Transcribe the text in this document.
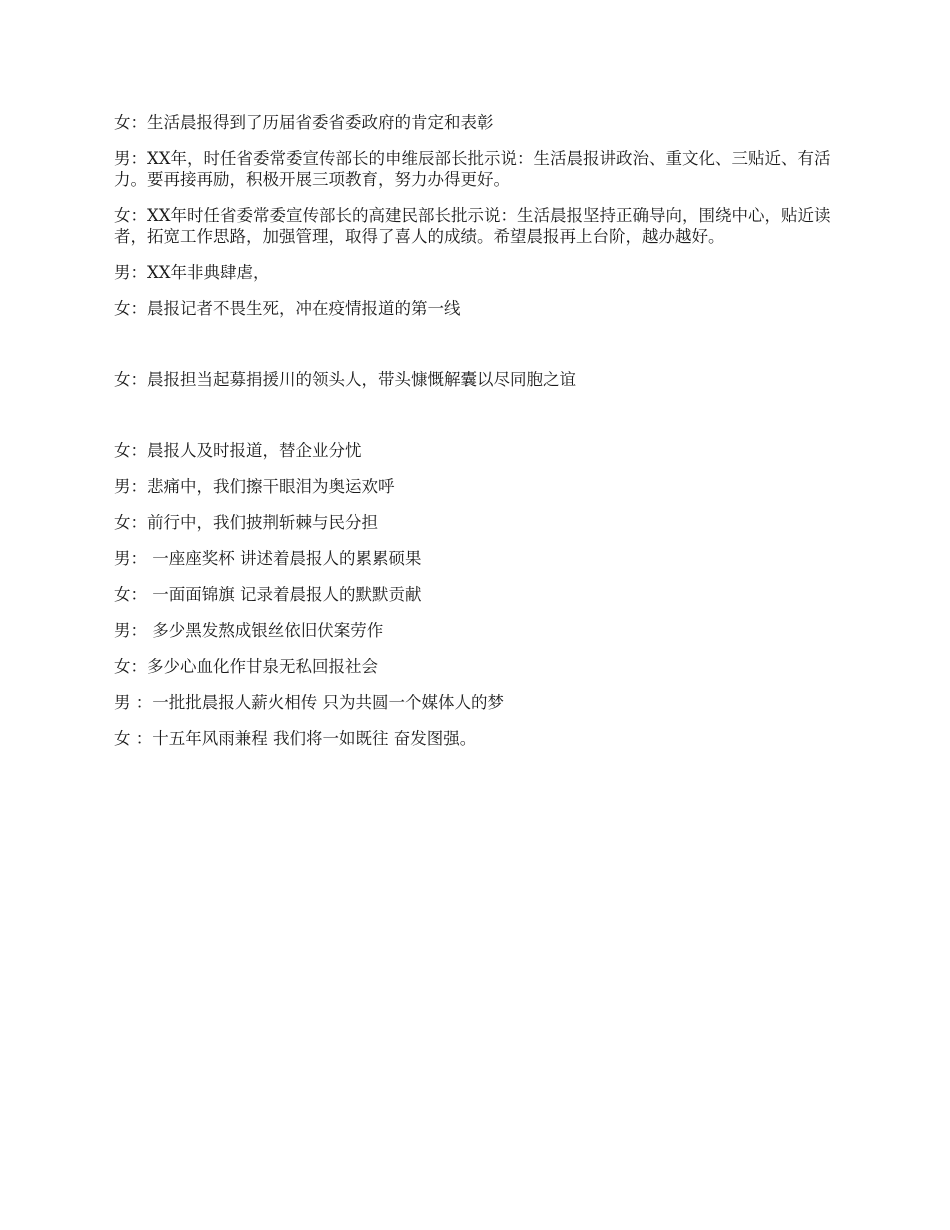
女：生活晨报得到了历届省委省委政府的肯定和表彰

男：XX年，时任省委常委宣传部长的申维辰部长批示说：生活晨报讲政治、重文化、三贴近、有活力。要再接再励，积极开展三项教育，努力办得更好。

女：XX年时任省委常委宣传部长的高建民部长批示说：生活晨报坚持正确导向，围绕中心，贴近读者，拓宽工作思路，加强管理，取得了喜人的成绩。希望晨报再上台阶，越办越好。

男：XX年非典肆虐，

女：晨报记者不畏生死，冲在疫情报道的第一线

女：晨报担当起募捐援川的领头人，带头慷慨解囊以尽同胞之谊

女：晨报人及时报道，替企业分忧

男：悲痛中，我们擦干眼泪为奥运欢呼

女：前行中，我们披荆斩棘与民分担

男： 一座座奖杯 讲述着晨报人的累累硕果

女： 一面面锦旗 记录着晨报人的默默贡献

男： 多少黑发熬成银丝依旧伏案劳作

女：多少心血化作甘泉无私回报社会

男 ：一批批晨报人薪火相传 只为共圆一个媒体人的梦

女 ：十五年风雨兼程 我们将一如既往 奋发图强。
